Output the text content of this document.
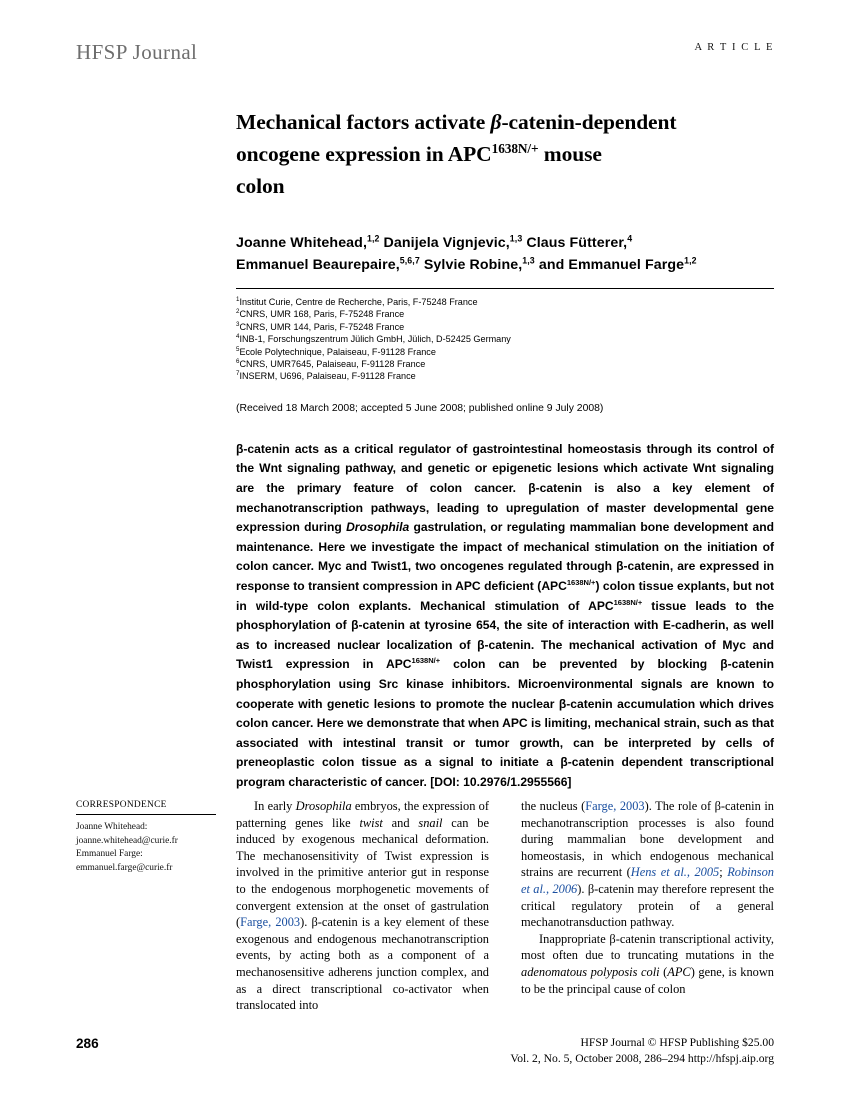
HFSP Journal	A R T I C L E
Mechanical factors activate β-catenin-dependent
oncogene expression in $APC^{1638N/+}$ mouse
colon
Joanne Whitehead,$^{1,2}$ Danijela Vignjevic,$^{1,3}$ Claus Fütterer,$^4$
Emmanuel Beaurepaire,$^{5,6,7}$ Sylvie Robine,$^{1,3}$ and Emmanuel Farge$^{1,2}$
$^1$Institut Curie, Centre de Recherche, Paris, F-75248 France
$^2$CNRS, UMR 168, Paris, F-75248 France
$^3$CNRS, UMR 144, Paris, F-75248 France
$^4$INB-1, Forschungszentrum Jülich GmbH, Jülich, D-52425 Germany
$^5$Ecole Polytechnique, Palaiseau, F-91128 France
$^6$CNRS, UMR7645, Palaiseau, F-91128 France
$^7$INSERM, U696, Palaiseau, F-91128 France
(Received 18 March 2008; accepted 5 June 2008; published online 9 July 2008)
β-catenin acts as a critical regulator of gastrointestinal homeostasis through its control of the Wnt signaling pathway, and genetic or epigenetic lesions which activate Wnt signaling are the primary feature of colon cancer. β-catenin is also a key element of mechanotranscription pathways, leading to upregulation of master developmental gene expression during Drosophila gastrulation, or regulating mammalian bone development and maintenance. Here we investigate the impact of mechanical stimulation on the initiation of colon cancer. Myc and Twist1, two oncogenes regulated through β-catenin, are expressed in response to transient compression in APC deficient $(APC^{1638N/+})$ colon tissue explants, but not in wild-type colon explants. Mechanical stimulation of $APC^{1638N/+}$ tissue leads to the phosphorylation of β-catenin at tyrosine 654, the site of interaction with E-cadherin, as well as to increased nuclear localization of β-catenin. The mechanical activation of Myc and Twist1 expression in $APC^{1638N/+}$ colon can be prevented by blocking β-catenin phosphorylation using Src kinase inhibitors. Microenvironmental signals are known to cooperate with genetic lesions to promote the nuclear β-catenin accumulation which drives colon cancer. Here we demonstrate that when APC is limiting, mechanical strain, such as that associated with intestinal transit or tumor growth, can be interpreted by cells of preneoplastic colon tissue as a signal to initiate a β-catenin dependent transcriptional program characteristic of cancer. [DOI: 10.2976/1.2955566]
CORRESPONDENCE
Joanne Whitehead:
joanne.whitehead@curie.fr
Emmanuel Farge:
emmanuel.farge@curie.fr

In early Drosophila embryos, the expression of patterning genes like twist and snail can be induced by exogenous mechanical deformation. The mechanosensitivity of Twist expression is involved in the primitive anterior gut in response to the endogenous morphogenetic movements of convergent extension at the onset of gastrulation (Farge, 2003). β-catenin is a key element of these exogenous and endogenous mechanotranscription events, by acting both as a component of a mechanosensitive adherens junction complex, and as a direct transcriptional co-activator when translocated into

the nucleus (Farge, 2003). The role of β-catenin in mechanotranscription processes is also found during mammalian bone development and homeostasis, in which endogenous mechanical strains are recurrent (Hens et al., 2005; Robinson et al., 2006). β-catenin may therefore represent the critical regulatory protein of a general mechanotransduction pathway.

Inappropriate β-catenin transcriptional activity, most often due to truncating mutations in the adenomatous polyposis coli (APC) gene, is known to be the principal cause of colon

286	HFSP Journal © HFSP Publishing $25.00
Vol. 2, No. 5, October 2008, 286–294 http://hfspj.aip.org
